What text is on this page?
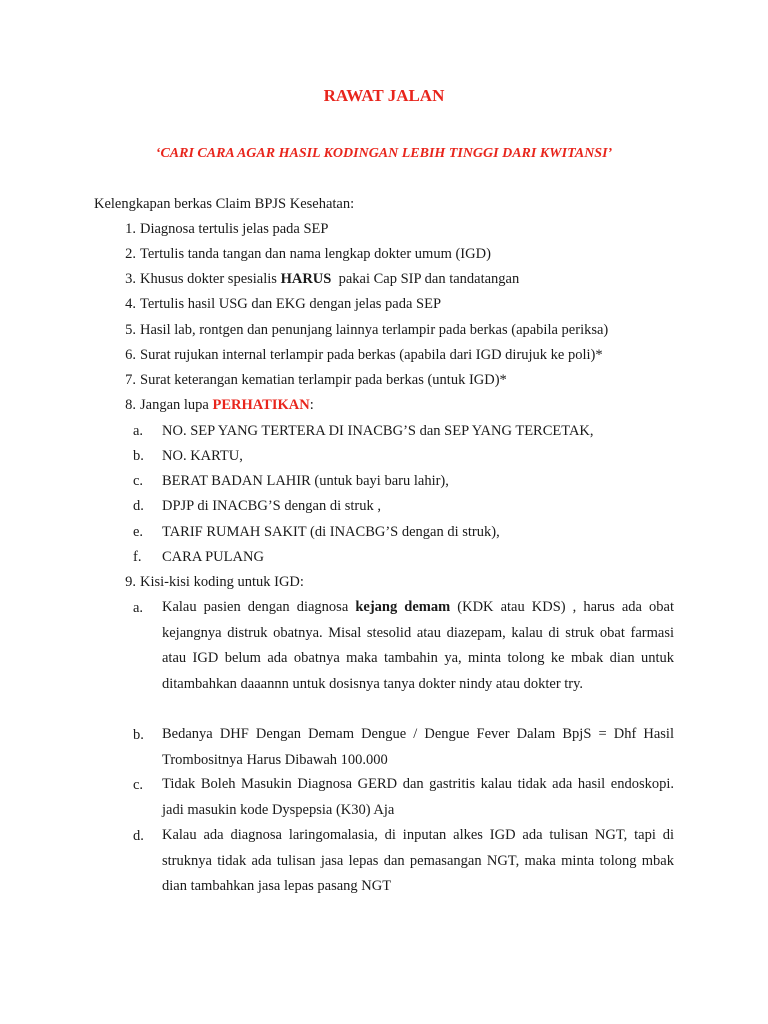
RAWAT JALAN
‘CARI CARA AGAR HASIL KODINGAN LEBIH TINGGI DARI KWITANSI’
Kelengkapan berkas Claim BPJS Kesehatan:
1. Diagnosa tertulis jelas pada SEP
2. Tertulis tanda tangan dan nama lengkap dokter umum (IGD)
3. Khusus dokter spesialis HARUS  pakai Cap SIP dan tandatangan
4. Tertulis hasil USG dan EKG dengan jelas pada SEP
5. Hasil lab, rontgen dan penunjang lainnya terlampir pada berkas (apabila periksa)
6. Surat rujukan internal terlampir pada berkas (apabila dari IGD dirujuk ke poli)*
7. Surat keterangan kematian terlampir pada berkas (untuk IGD)*
8. Jangan lupa PERHATIKAN:
a.	NO. SEP YANG TERTERA DI INACBG’S dan SEP YANG TERCETAK,
b.	NO. KARTU,
c.	BERAT BADAN LAHIR (untuk bayi baru lahir),
d.	DPJP di INACBG’S dengan di struk ,
e.	TARIF RUMAH SAKIT (di INACBG’S dengan di struk),
f.	CARA PULANG
9. Kisi-kisi koding untuk IGD:
a.	Kalau pasien dengan diagnosa kejang demam (KDK atau KDS) , harus ada obat kejangnya distruk obatnya. Misal stesolid atau diazepam, kalau di struk obat farmasi atau IGD belum ada obatnya maka tambahin ya, minta tolong ke mbak dian untuk ditambahkan daaannn untuk dosisnya tanya dokter nindy atau dokter try.
b.	Bedanya DHF Dengan Demam Dengue / Dengue Fever Dalam BpjS = Dhf Hasil Trombositnya Harus Dibawah 100.000
c.	Tidak Boleh Masukin Diagnosa GERD dan gastritis kalau tidak ada hasil endoskopi. jadi masukin kode Dyspepsia (K30) Aja
d.	Kalau ada diagnosa laringomalasia, di inputan alkes IGD ada tulisan NGT, tapi di struknya tidak ada tulisan jasa lepas dan pemasangan NGT, maka minta tolong mbak dian tambahkan jasa lepas pasang NGT
